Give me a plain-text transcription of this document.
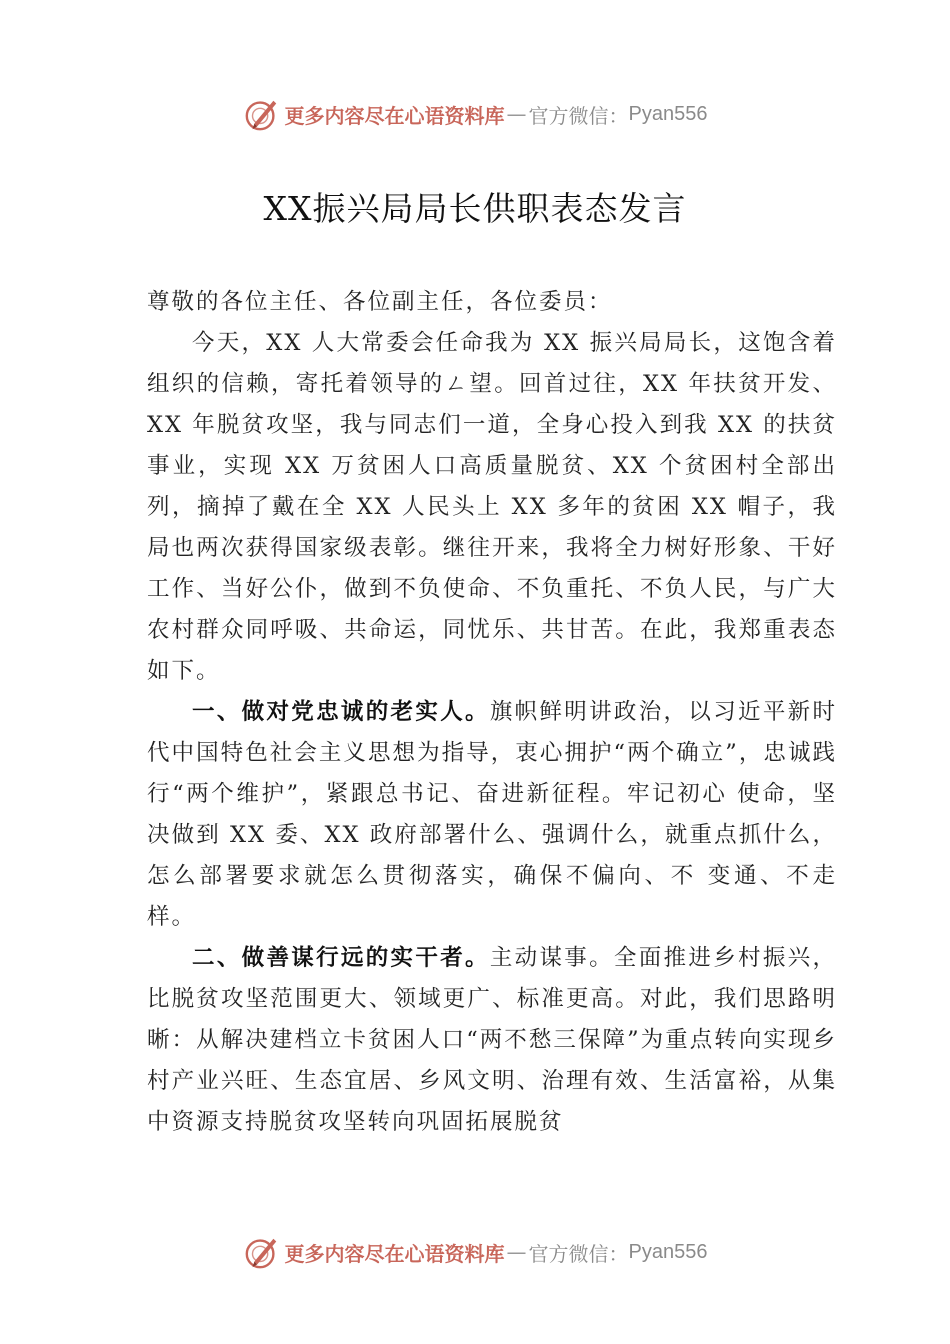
更多内容尽在心语资料库 — 官方微信： Pyan556
XX振兴局局长供职表态发言

尊敬的各位主任、各位副主任，各位委员：

今天，XX 人大常委会任命我为 XX 振兴局局长，这饱含着组织的信赖，寄托着领导的ㄥ望。回首过往，XX 年扶贫开发、XX 年脱贫攻坚，我与同志们一道，全身心投入到我 XX 的扶贫事业，实现 XX 万贫困人口高质量脱贫、XX 个贫困村全部出列，摘掉了戴在全 XX 人民头上 XX 多年的贫困 XX 帽子，我局也两次获得国家级表彰。继往开来，我将全力树好形象、干好工作、当好公仆，做到不负使命、不负重托、不负人民，与广大农村群众同呼吸、共命运，同忧乐、共甘苦。在此，我郑重表态如下。

一、做对党忠诚的老实人。旗帜鲜明讲政治，以习近平新时代中国特色社会主义思想为指导，衷心拥护“两个确立”，忠诚践行“两个维护”，紧跟总书记、奋进新征程。牢记初心 使命，坚决做到 XX 委、XX 政府部署什么、强调什么，就重点抓什么，怎么部署要求就怎么贯彻落实，确保不偏向、不 变通、不走样。

二、做善谋行远的实干者。主动谋事。全面推进乡村振兴，比脱贫攻坚范围更大、领域更广、标准更高。对此，我们思路明晰：从解决建档立卡贫困人口“两不愁三保障”为重点转向实现乡村产业兴旺、生态宜居、乡风文明、治理有效、生活富裕，从集中资源支持脱贫攻坚转向巩固拓展脱贫

更多内容尽在心语资料库 — 官方微信： Pyan556
